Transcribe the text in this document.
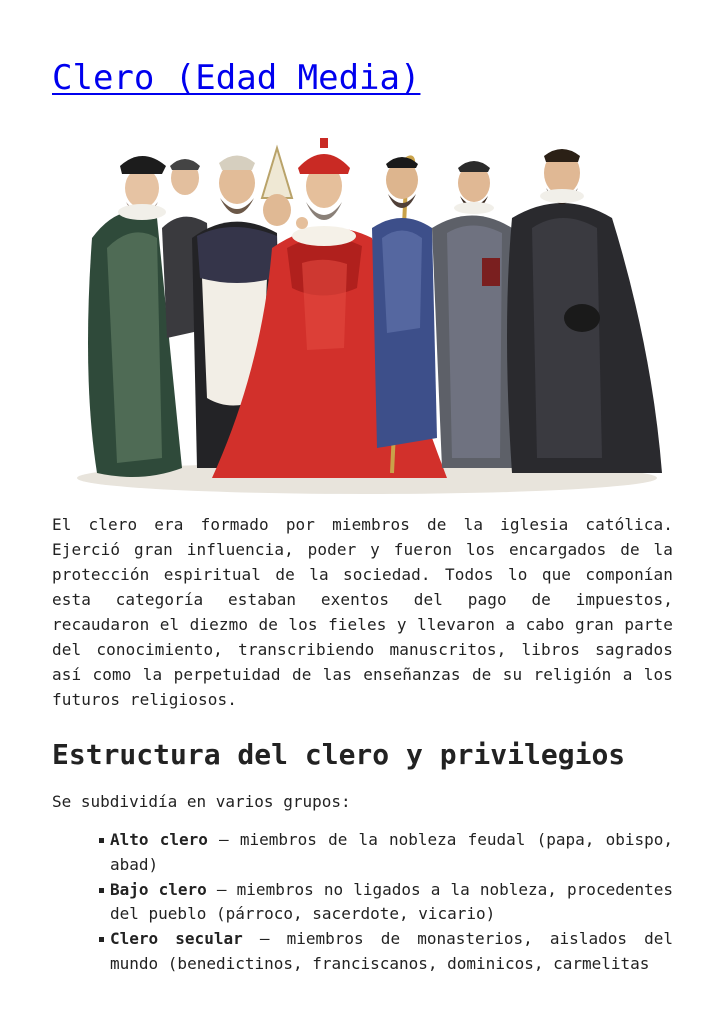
Clero (Edad Media)

El clero era formado por miembros de la iglesia católica. Ejerció gran influencia, poder y fueron los encargados de la protección espiritual de la sociedad. Todos lo que componían esta categoría estaban exentos del pago de impuestos, recaudaron el diezmo de los fieles y llevaron a cabo gran parte del conocimiento, transcribiendo manuscritos, libros sagrados así como la perpetuidad de las enseñanzas de su religión a los futuros religiosos.

Estructura del clero y privilegios

Se subdividía en varios grupos:

Alto clero – miembros de la nobleza feudal (papa, obispo, abad)
Bajo clero – miembros no ligados a la nobleza, procedentes del pueblo (párroco, sacerdote, vicario)
Clero secular – miembros de monasterios, aislados del mundo (benedictinos, franciscanos, dominicos, carmelitas
